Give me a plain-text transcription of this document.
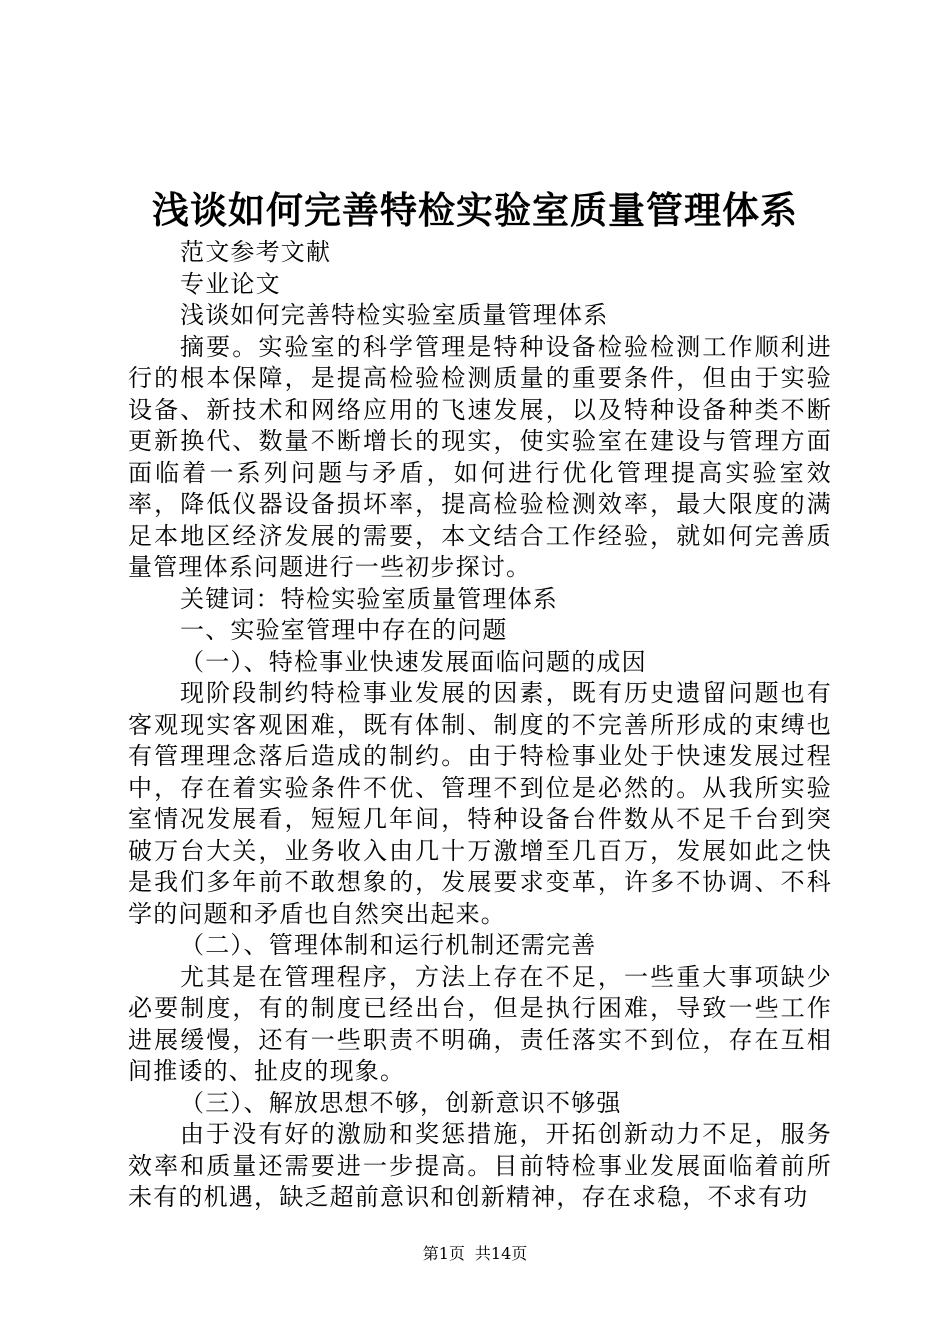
浅谈如何完善特检实验室质量管理体系

范文参考文献

专业论文

浅谈如何完善特检实验室质量管理体系

摘要。实验室的科学管理是特种设备检验检测工作顺利进行的根本保障，是提高检验检测质量的重要条件，但由于实验设备、新技术和网络应用的飞速发展，以及特种设备种类不断更新换代、数量不断增长的现实，使实验室在建设与管理方面面临着一系列问题与矛盾，如何进行优化管理提高实验室效率，降低仪器设备损坏率，提高检验检测效率，最大限度的满足本地区经济发展的需要，本文结合工作经验，就如何完善质量管理体系问题进行一些初步探讨。

关键词：特检实验室质量管理体系

一、实验室管理中存在的问题

（一）、特检事业快速发展面临问题的成因

现阶段制约特检事业发展的因素，既有历史遗留问题也有客观现实客观困难，既有体制、制度的不完善所形成的束缚也有管理理念落后造成的制约。由于特检事业处于快速发展过程中，存在着实验条件不优、管理不到位是必然的。从我所实验室情况发展看，短短几年间，特种设备台件数从不足千台到突破万台大关，业务收入由几十万激增至几百万，发展如此之快是我们多年前不敢想象的，发展要求变革，许多不协调、不科学的问题和矛盾也自然突出起来。

（二）、管理体制和运行机制还需完善

尤其是在管理程序，方法上存在不足，一些重大事项缺少必要制度，有的制度已经出台，但是执行困难，导致一些工作进展缓慢，还有一些职责不明确，责任落实不到位，存在互相间推诿的、扯皮的现象。

（三）、解放思想不够，创新意识不够强

由于没有好的激励和奖惩措施，开拓创新动力不足，服务效率和质量还需要进一步提高。目前特检事业发展面临着前所未有的机遇，缺乏超前意识和创新精神，存在求稳，不求有功

第1页 共14页
